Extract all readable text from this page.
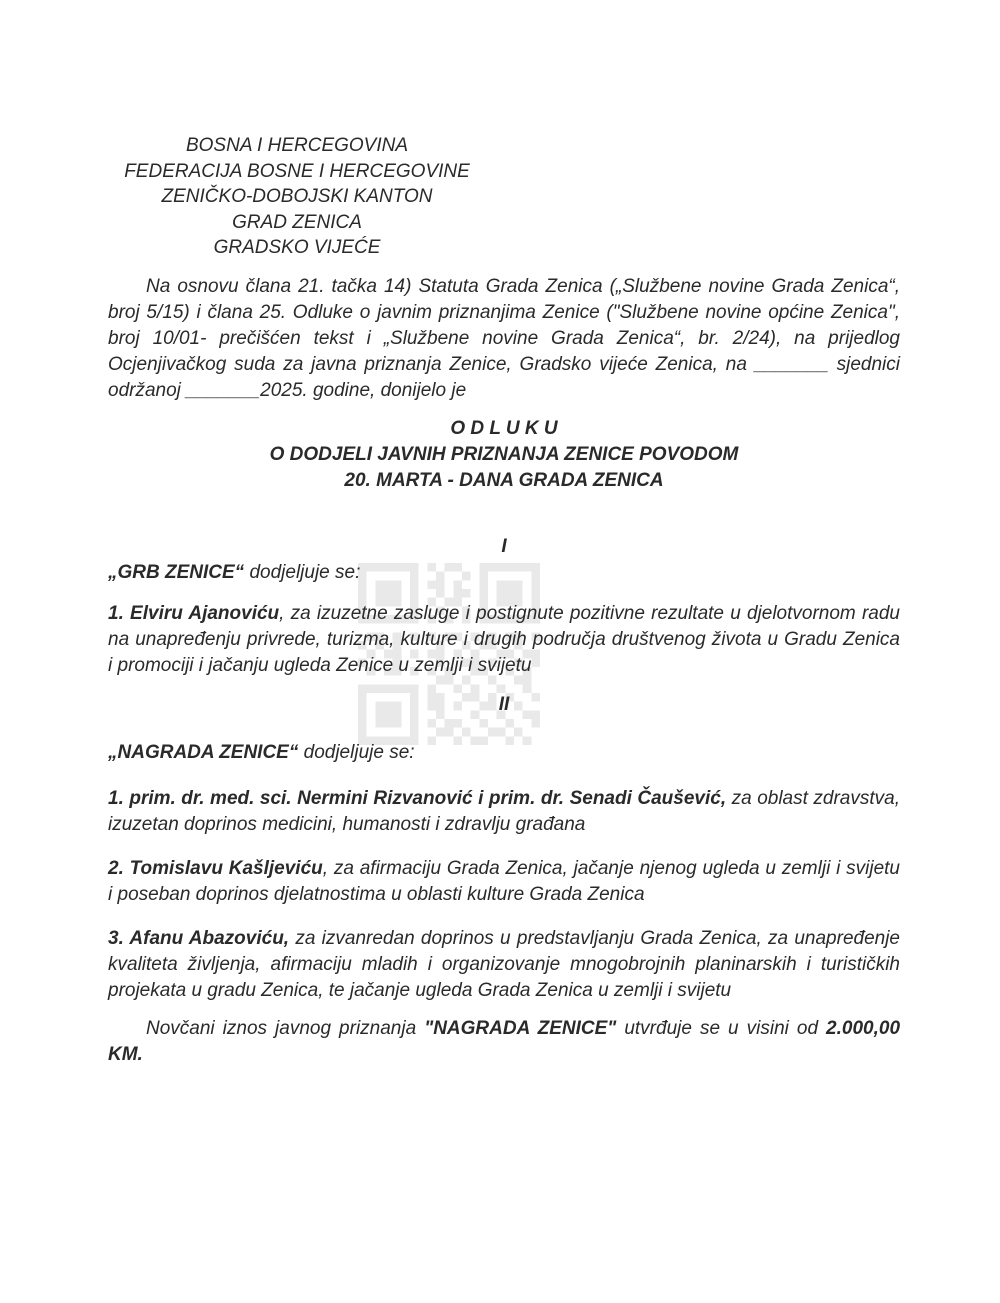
BOSNA I HERCEGOVINA
FEDERACIJA BOSNE I HERCEGOVINE
ZENIČKO-DOBOJSKI KANTON
GRAD ZENICA
GRADSKO VIJEĆE

Na osnovu člana 21. tačka 14) Statuta Grada Zenica („Službene novine Grada Zenica“, broj 5/15) i člana 25. Odluke o javnim priznanjima Zenice ("Službene novine općine Zenica", broj 10/01- prečišćen tekst i „Službene novine Grada Zenica“, br. 2/24), na prijedlog Ocjenjivačkog suda za javna priznanja Zenice, Gradsko vijeće Zenica, na _______ sjednici održanoj _______2025. godine, donijelo je

O D L U K U
O DODJELI JAVNIH PRIZNANJA ZENICE POVODOM
20. MARTA - DANA GRADA ZENICA
I

„GRB ZENICE“ dodjeljuje se:

1. Elviru Ajanoviću, za izuzetne zasluge i postignute pozitivne rezultate u djelotvornom radu na unapređenju privrede, turizma, kulture i drugih područja društvenog života u Gradu Zenica i promociji i jačanju ugleda Zenice u zemlji i svijetu

II

„NAGRADA ZENICE“ dodjeljuje se:

1. prim. dr. med. sci. Nermini Rizvanović i prim. dr. Senadi Čaušević, za oblast zdravstva, izuzetan doprinos medicini, humanosti i zdravlju građana

2. Tomislavu Kašljeviću, za afirmaciju Grada Zenica, jačanje njenog ugleda u zemlji i svijetu i poseban doprinos djelatnostima u oblasti kulture Grada Zenica

3. Afanu Abazoviću, za izvanredan doprinos u predstavljanju Grada Zenica, za unapređenje kvaliteta življenja, afirmaciju mladih i organizovanje mnogobrojnih planinarskih i turističkih projekata u gradu Zenica, te jačanje ugleda Grada Zenica u zemlji i svijetu

Novčani iznos javnog priznanja "NAGRADA ZENICE" utvrđuje se u visini od 2.000,00 KM.
